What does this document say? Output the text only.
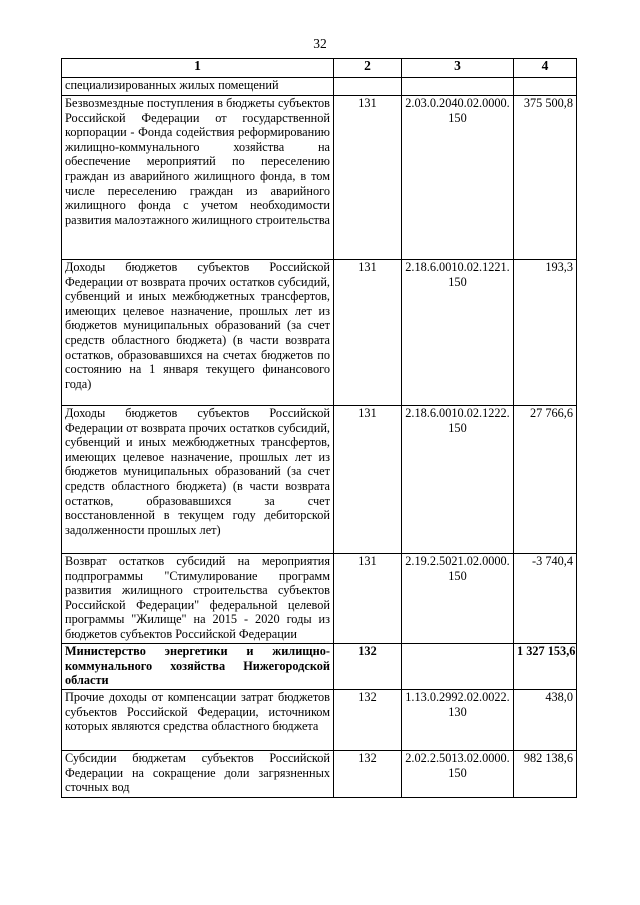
32
1	2	3	4
специализированных жилых помещений			
Безвозмездные поступления в бюджеты субъектов Российской Федерации от государственной корпорации - Фонда содействия реформированию жилищно-коммунального хозяйства на обеспечение мероприятий по переселению граждан из аварийного жилищного фонда, в том числе переселению граждан из аварийного жилищного фонда с учетом необходимости развития малоэтажного жилищного строительства	131	2.03.0.2040.02.0000.150	375 500,8
Доходы бюджетов субъектов Российской Федерации от возврата прочих остатков субсидий, субвенций и иных межбюджетных трансфертов, имеющих целевое назначение, прошлых лет из бюджетов муниципальных образований (за счет средств областного бюджета) (в части возврата остатков, образовавшихся на счетах бюджетов по состоянию на 1 января текущего финансового года)	131	2.18.6.0010.02.1221.150	193,3
Доходы бюджетов субъектов Российской Федерации от возврата прочих остатков субсидий, субвенций и иных межбюджетных трансфертов, имеющих целевое назначение, прошлых лет из бюджетов муниципальных образований (за счет средств областного бюджета) (в части возврата остатков, образовавшихся за счет восстановленной в текущем году дебиторской задолженности прошлых лет)	131	2.18.6.0010.02.1222.150	27 766,6
Возврат остатков субсидий на мероприятия подпрограммы "Стимулирование программ развития жилищного строительства субъектов Российской Федерации" федеральной целевой программы "Жилище" на 2015 - 2020 годы из бюджетов субъектов Российской Федерации	131	2.19.2.5021.02.0000.150	-3 740,4
Министерство энергетики и жилищно-коммунального хозяйства Нижегородской области	132		1 327 153,6
Прочие доходы от компенсации затрат бюджетов субъектов Российской Федерации, источником которых являются средства областного бюджета	132	1.13.0.2992.02.0022.130	438,0
Субсидии бюджетам субъектов Российской Федерации на сокращение доли загрязненных сточных вод	132	2.02.2.5013.02.0000.150	982 138,6
